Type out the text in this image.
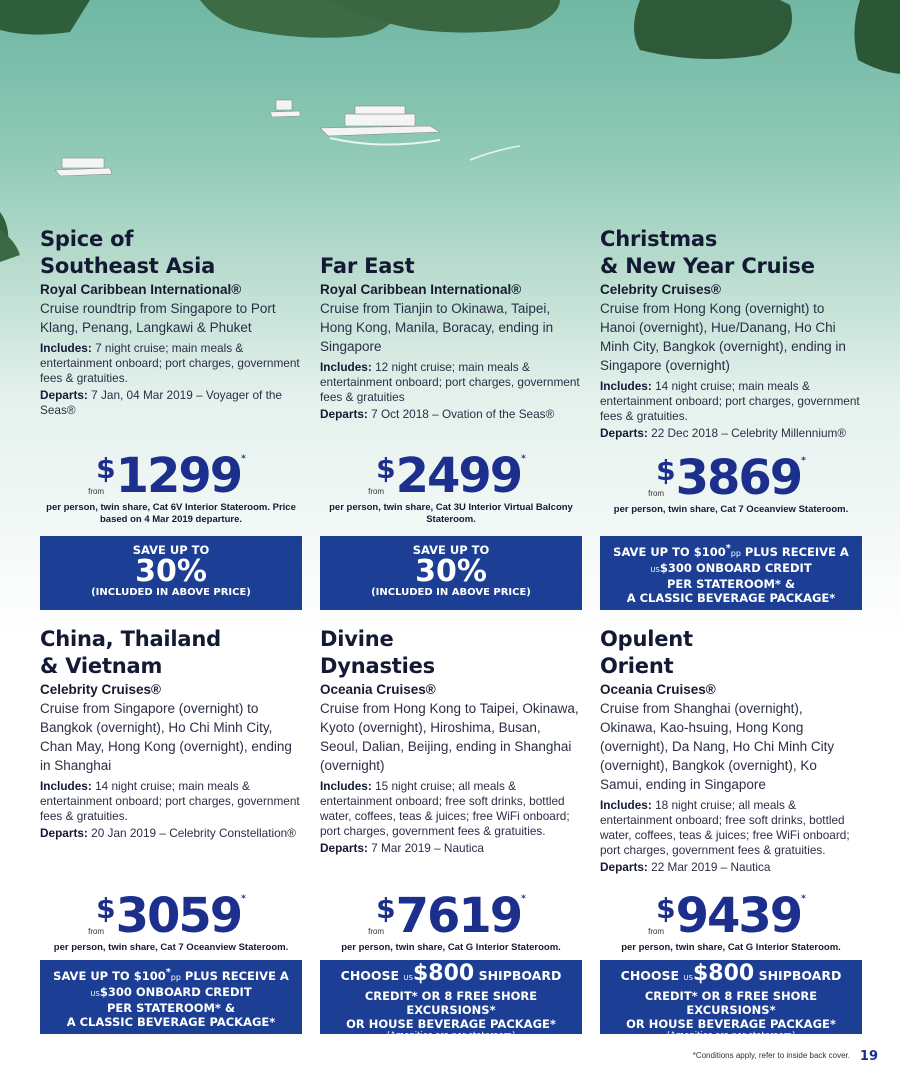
Spice of
Southeast Asia
Royal Caribbean International®
Cruise roundtrip from Singapore to Port Klang, Penang, Langkawi & Phuket
Includes: 7 night cruise; main meals & entertainment onboard; port charges, government fees & gratuities.
Departs: 7 Jan, 04 Mar 2019 – Voyager of the Seas®
$
from 1299 *
per person, twin share, Cat 6V Interior Stateroom. Price based on 4 Mar 2019 departure.
SAVE UP TO
30%
(INCLUDED IN ABOVE PRICE)
Far East
Royal Caribbean International®
Cruise from Tianjin to Okinawa, Taipei, Hong Kong, Manila, Boracay, ending in Singapore
Includes: 12 night cruise; main meals & entertainment onboard; port charges, government fees & gratuities
Departs: 7 Oct 2018 – Ovation of the Seas®
$
from 2499 *
per person, twin share, Cat 3U Interior Virtual Balcony Stateroom.
SAVE UP TO
30%
(INCLUDED IN ABOVE PRICE)
Christmas
& New Year Cruise
Celebrity Cruises®
Cruise from Hong Kong (overnight) to Hanoi (overnight), Hue/Danang, Ho Chi Minh City, Bangkok (overnight), ending in Singapore (overnight)
Includes: 14 night cruise; main meals & entertainment onboard; port charges, government fees & gratuities.
Departs: 22 Dec 2018 – Celebrity Millennium®
$
from 3869 *
per person, twin share, Cat 7 Oceanview Stateroom.
SAVE UP TO $100*pp PLUS RECEIVE A
US$300 ONBOARD CREDIT
PER STATEROOM* &
A CLASSIC BEVERAGE PACKAGE*
China, Thailand
& Vietnam
Celebrity Cruises®
Cruise from Singapore (overnight) to Bangkok (overnight), Ho Chi Minh City, Chan May, Hong Kong (overnight), ending in Shanghai
Includes: 14 night cruise; main meals & entertainment onboard; port charges, government fees & gratuities.
Departs: 20 Jan 2019 – Celebrity Constellation®
$
from 3059 *
per person, twin share, Cat 7 Oceanview Stateroom.
SAVE UP TO $100*pp PLUS RECEIVE A
US$300 ONBOARD CREDIT
PER STATEROOM* &
A CLASSIC BEVERAGE PACKAGE*
Divine
Dynasties
Oceania Cruises®
Cruise from Hong Kong to Taipei, Okinawa, Kyoto (overnight), Hiroshima, Busan, Seoul, Dalian, Beijing, ending in Shanghai (overnight)
Includes: 15 night cruise; all meals & entertainment onboard; free soft drinks, bottled water, coffees, teas & juices; free WiFi onboard; port charges, government fees & gratuities.
Departs: 7 Mar 2019 – Nautica
$
from 7619 *
per person, twin share, Cat G Interior Stateroom.
CHOOSE US$800 SHIPBOARD
CREDIT* OR 8 FREE SHORE EXCURSIONS*
OR HOUSE BEVERAGE PACKAGE*
(Amenities are per stateroom)
Opulent
Orient
Oceania Cruises®
Cruise from Shanghai (overnight), Okinawa, Kao-hsuing, Hong Kong (overnight), Da Nang, Ho Chi Minh City (overnight), Bangkok (overnight), Ko Samui, ending in Singapore
Includes: 18 night cruise; all meals & entertainment onboard; free soft drinks, bottled water, coffees, teas & juices; free WiFi onboard; port charges, government fees & gratuities.
Departs: 22 Mar 2019 – Nautica
$
from 9439 *
per person, twin share, Cat G Interior Stateroom.
CHOOSE US$800 SHIPBOARD
CREDIT* OR 8 FREE SHORE EXCURSIONS*
OR HOUSE BEVERAGE PACKAGE*
(Amenities are per stateroom)
*Conditions apply, refer to inside back cover. 19
